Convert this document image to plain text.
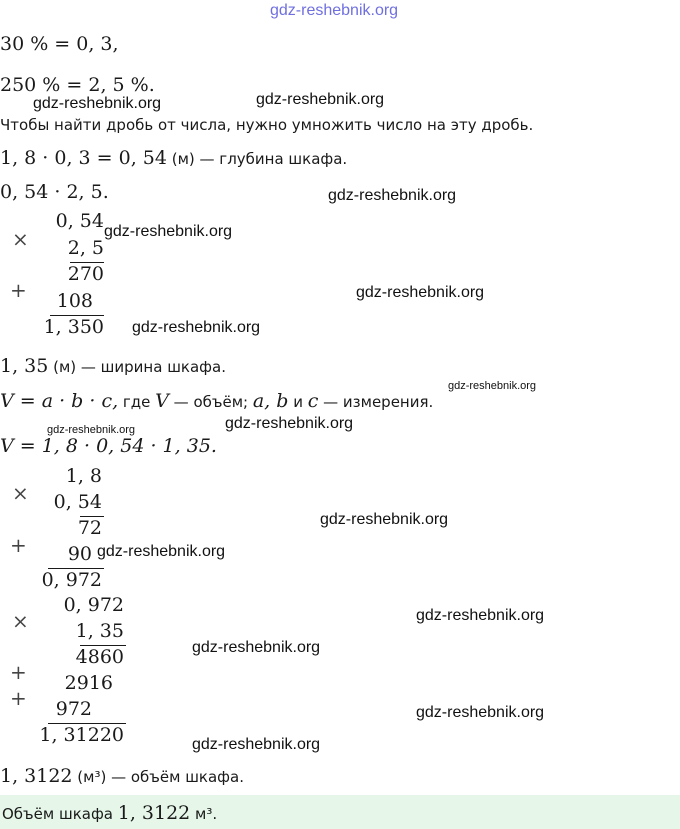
gdz-reshebnik.org
30 % = 0, 3,
250 % = 2, 5 %.
gdz-reshebnik.org	gdz-reshebnik.org
Чтобы найти дробь от числа, нужно умножить число на эту дробь.
1, 8 · 0, 3 = 0, 54 (м) — глубина шкафа.
0, 54 · 2, 5.	gdz-reshebnik.org
×
0, 54
2, 5
270
+ 108
1, 350
gdz-reshebnik.org
gdz-reshebnik.org
gdz-reshebnik.org
1, 35 (м) — ширина шкафа.
V = a · b · c, где V — объём; a, b и c — измерения.
gdz-reshebnik.org
V = 1, 8 · 0, 54 · 1, 35.
gdz-reshebnik.org	gdz-reshebnik.org
×
1, 8
0, 54
72
+ 90
0, 972
gdz-reshebnik.org
gdz-reshebnik.org
×
0, 972
1, 35
4860
+
+
2916
972
1, 31220
gdz-reshebnik.org
gdz-reshebnik.org
gdz-reshebnik.org
gdz-reshebnik.org
1, 3122 (м³) — объём шкафа.
Объём шкафа 1, 3122 м³.
